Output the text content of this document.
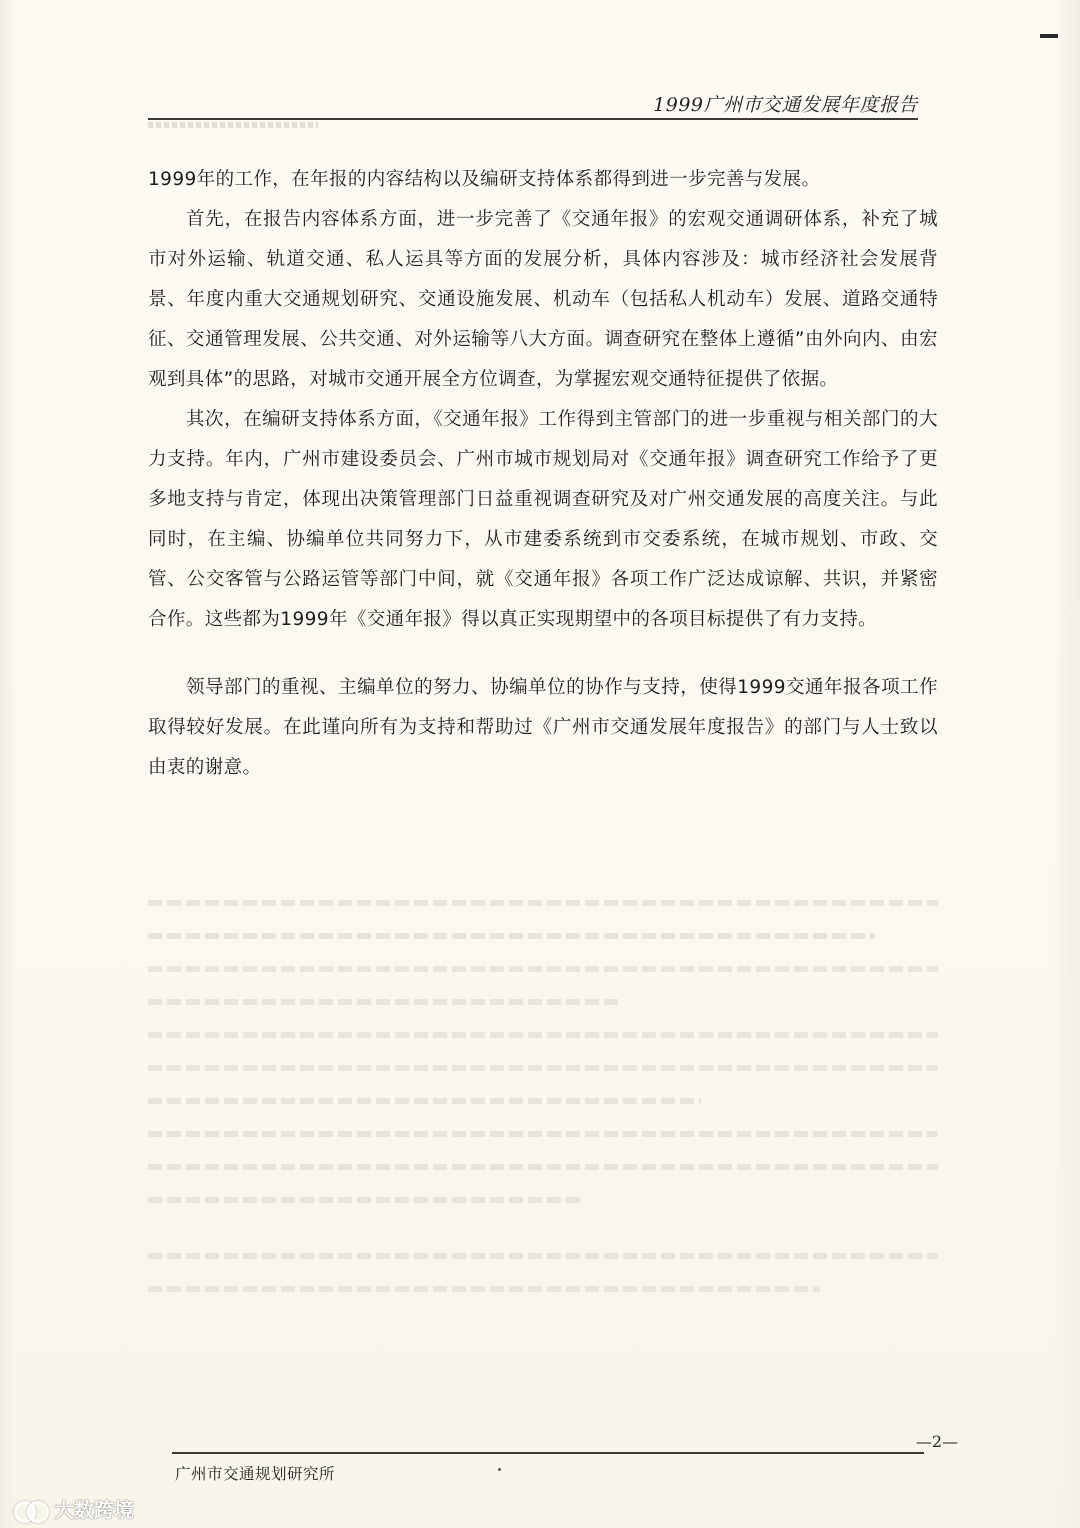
1999广州市交通发展年度报告

1999年的工作，在年报的内容结构以及编研支持体系都得到进一步完善与发展。

首先，在报告内容体系方面，进一步完善了《交通年报》的宏观交通调研体系，补充了城市对外运输、轨道交通、私人运具等方面的发展分析，具体内容涉及：城市经济社会发展背景、年度内重大交通规划研究、交通设施发展、机动车（包括私人机动车）发展、道路交通特征、交通管理发展、公共交通、对外运输等八大方面。调查研究在整体上遵循”由外向内、由宏观到具体”的思路，对城市交通开展全方位调查，为掌握宏观交通特征提供了依据。

其次，在编研支持体系方面，《交通年报》工作得到主管部门的进一步重视与相关部门的大力支持。年内，广州市建设委员会、广州市城市规划局对《交通年报》调查研究工作给予了更多地支持与肯定，体现出决策管理部门日益重视调查研究及对广州交通发展的高度关注。与此同时，在主编、协编单位共同努力下，从市建委系统到市交委系统，在城市规划、市政、交管、公交客管与公路运管等部门中间，就《交通年报》各项工作广泛达成谅解、共识，并紧密合作。这些都为1999年《交通年报》得以真正实现期望中的各项目标提供了有力支持。

领导部门的重视、主编单位的努力、协编单位的协作与支持，使得1999交通年报各项工作取得较好发展。在此谨向所有为支持和帮助过《广州市交通发展年度报告》的部门与人士致以由衷的谢意。

—2—
广州市交通规划研究所
大数跨境
